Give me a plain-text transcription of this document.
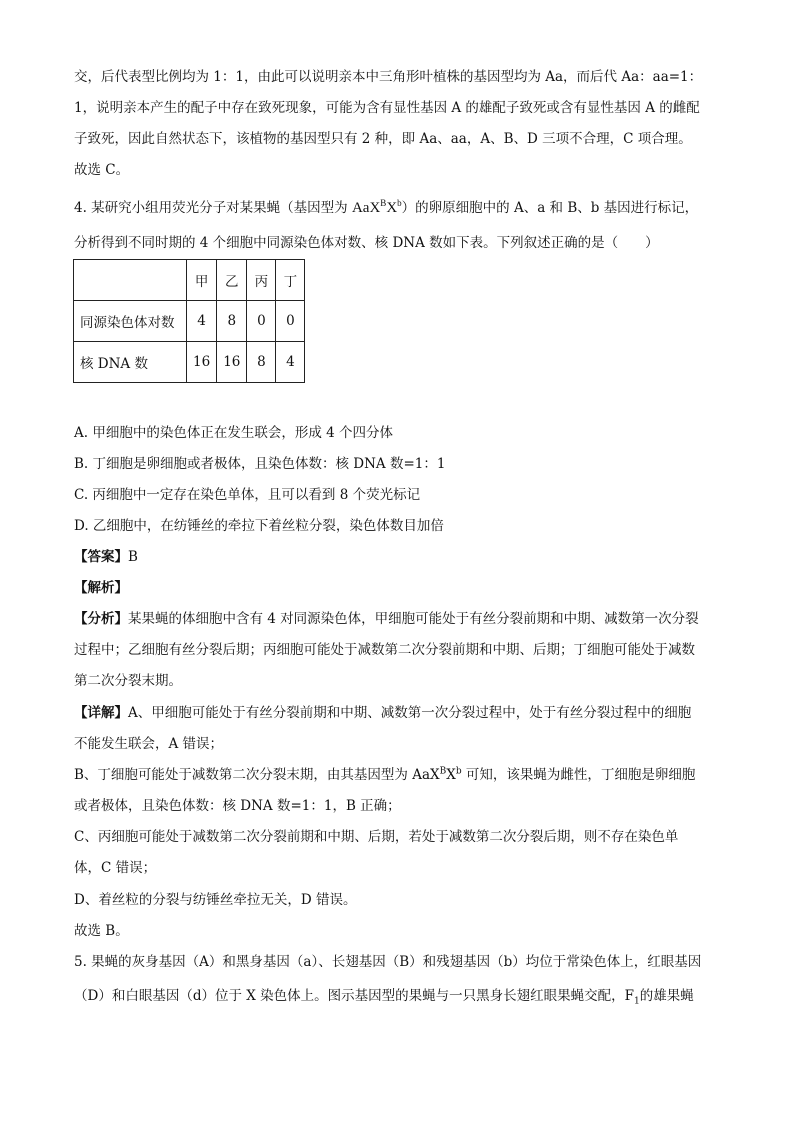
交，后代表型比例均为 1：1，由此可以说明亲本中三角形叶植株的基因型均为 Aa，而后代 Aa：aa=1：
1，说明亲本产生的配子中存在致死现象，可能为含有显性基因 A 的雄配子致死或含有显性基因 A 的雌配
子致死，因此自然状态下，该植物的基因型只有 2 种，即 Aa、aa，A、B、D 三项不合理，C 项合理。
故选 C。
4. 某研究小组用荧光分子对某果蝇（基因型为 $AaX^BX^b$）的卵原细胞中的 A、a 和 B、b 基因进行标记，
分析得到不同时期的 4 个细胞中同源染色体对数、核 DNA 数如下表。下列叙述正确的是（　　）
	甲	乙	丙	丁
同源染色体对数	4	8	0	0
核 DNA 数	16	16	8	4
A. 甲细胞中的染色体正在发生联会，形成 4 个四分体
B. 丁细胞是卵细胞或者极体，且染色体数：核 DNA 数=1：1
C. 丙细胞中一定存在染色单体，且可以看到 8 个荧光标记
D. 乙细胞中，在纺锤丝的牵拉下着丝粒分裂，染色体数目加倍
【答案】B
【解析】
【分析】某果蝇的体细胞中含有 4 对同源染色体，甲细胞可能处于有丝分裂前期和中期、减数第一次分裂
过程中；乙细胞有丝分裂后期；丙细胞可能处于减数第二次分裂前期和中期、后期；丁细胞可能处于减数
第二次分裂末期。
【详解】A、甲细胞可能处于有丝分裂前期和中期、减数第一次分裂过程中，处于有丝分裂过程中的细胞
不能发生联会，A 错误；
B、丁细胞可能处于减数第二次分裂末期，由其基因型为 $AaX^BX^b$ 可知，该果蝇为雌性，丁细胞是卵细胞
或者极体，且染色体数：核 DNA 数=1：1，B 正确；
C、丙细胞可能处于减数第二次分裂前期和中期、后期，若处于减数第二次分裂后期，则不存在染色单
体，C 错误；
D、着丝粒的分裂与纺锤丝牵拉无关，D 错误。
故选 B。
5. 果蝇的灰身基因（A）和黑身基因（a）、长翅基因（B）和残翅基因（b）均位于常染色体上，红眼基因
（D）和白眼基因（d）位于 X 染色体上。图示基因型的果蝇与一只黑身长翅红眼果蝇交配，$F_1$的雄果蝇
